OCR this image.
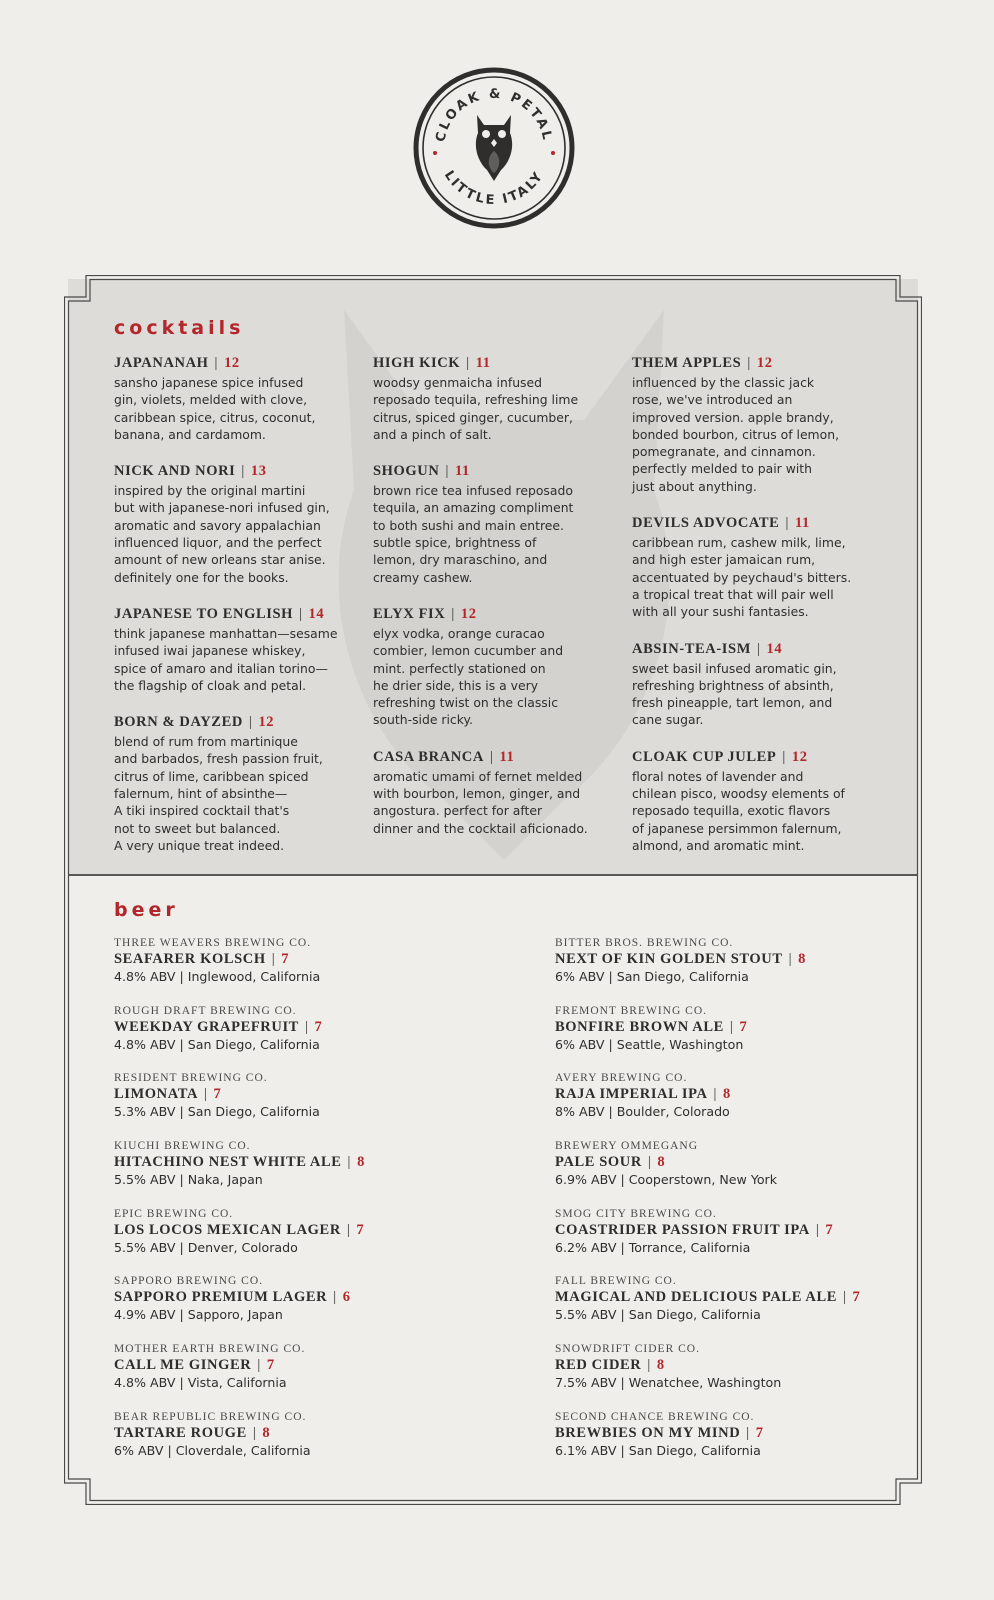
CLOAK & PETAL
LITTLE ITALY
cocktails
JAPANANAH | 12
sansho japanese spice infused
gin, violets, melded with clove,
caribbean spice, citrus, coconut,
banana, and cardamom.
NICK AND NORI | 13
inspired by the original martini
but with japanese-nori infused gin,
aromatic and savory appalachian
influenced liquor, and the perfect
amount of new orleans star anise.
definitely one for the books.
JAPANESE TO ENGLISH | 14
think japanese manhattan—sesame
infused iwai japanese whiskey,
spice of amaro and italian torino—
the flagship of cloak and petal.
BORN & DAYZED | 12
blend of rum from martinique
and barbados, fresh passion fruit,
citrus of lime, caribbean spiced
falernum, hint of absinthe—
A tiki inspired cocktail that's
not to sweet but balanced.
A very unique treat indeed.
HIGH KICK | 11
woodsy genmaicha infused
reposado tequila, refreshing lime
citrus, spiced ginger, cucumber,
and a pinch of salt.
SHOGUN | 11
brown rice tea infused reposado
tequila, an amazing compliment
to both sushi and main entree.
subtle spice, brightness of
lemon, dry maraschino, and
creamy cashew.
ELYX FIX | 12
elyx vodka, orange curacao
combier, lemon cucumber and
mint. perfectly stationed on
he drier side, this is a very
refreshing twist on the classic
south-side ricky.
CASA BRANCA | 11
aromatic umami of fernet melded
with bourbon, lemon, ginger, and
angostura. perfect for after
dinner and the cocktail aficionado.
THEM APPLES | 12
influenced by the classic jack
rose, we've introduced an
improved version. apple brandy,
bonded bourbon, citrus of lemon,
pomegranate, and cinnamon.
perfectly melded to pair with
just about anything.
DEVILS ADVOCATE | 11
caribbean rum, cashew milk, lime,
and high ester jamaican rum,
accentuated by peychaud's bitters.
a tropical treat that will pair well
with all your sushi fantasies.
ABSIN-TEA-ISM | 14
sweet basil infused aromatic gin,
refreshing brightness of absinth,
fresh pineapple, tart lemon, and
cane sugar.
CLOAK CUP JULEP | 12
floral notes of lavender and
chilean pisco, woodsy elements of
reposado tequilla, exotic flavors
of japanese persimmon falernum,
almond, and aromatic mint.
beer
THREE WEAVERS BREWING CO.
SEAFARER KOLSCH | 7
4.8% ABV | Inglewood, California
ROUGH DRAFT BREWING CO.
WEEKDAY GRAPEFRUIT | 7
4.8% ABV | San Diego, California
RESIDENT BREWING CO.
LIMONATA | 7
5.3% ABV | San Diego, California
KIUCHI BREWING CO.
HITACHINO NEST WHITE ALE | 8
5.5% ABV | Naka, Japan
EPIC BREWING CO.
LOS LOCOS MEXICAN LAGER | 7
5.5% ABV | Denver, Colorado
SAPPORO BREWING CO.
SAPPORO PREMIUM LAGER | 6
4.9% ABV | Sapporo, Japan
MOTHER EARTH BREWING CO.
CALL ME GINGER | 7
4.8% ABV | Vista, California
BEAR REPUBLIC BREWING CO.
TARTARE ROUGE | 8
6% ABV | Cloverdale, California
BITTER BROS. BREWING CO.
NEXT OF KIN GOLDEN STOUT | 8
6% ABV | San Diego, California
FREMONT BREWING CO.
BONFIRE BROWN ALE | 7
6% ABV | Seattle, Washington
AVERY BREWING CO.
RAJA IMPERIAL IPA | 8
8% ABV | Boulder, Colorado
BREWERY OMMEGANG
PALE SOUR | 8
6.9% ABV | Cooperstown, New York
SMOG CITY BREWING CO.
COASTRIDER PASSION FRUIT IPA | 7
6.2% ABV | Torrance, California
FALL BREWING CO.
MAGICAL AND DELICIOUS PALE ALE | 7
5.5% ABV | San Diego, California
SNOWDRIFT CIDER CO.
RED CIDER | 8
7.5% ABV | Wenatchee, Washington
SECOND CHANCE BREWING CO.
BREWBIES ON MY MIND | 7
6.1% ABV | San Diego, California
